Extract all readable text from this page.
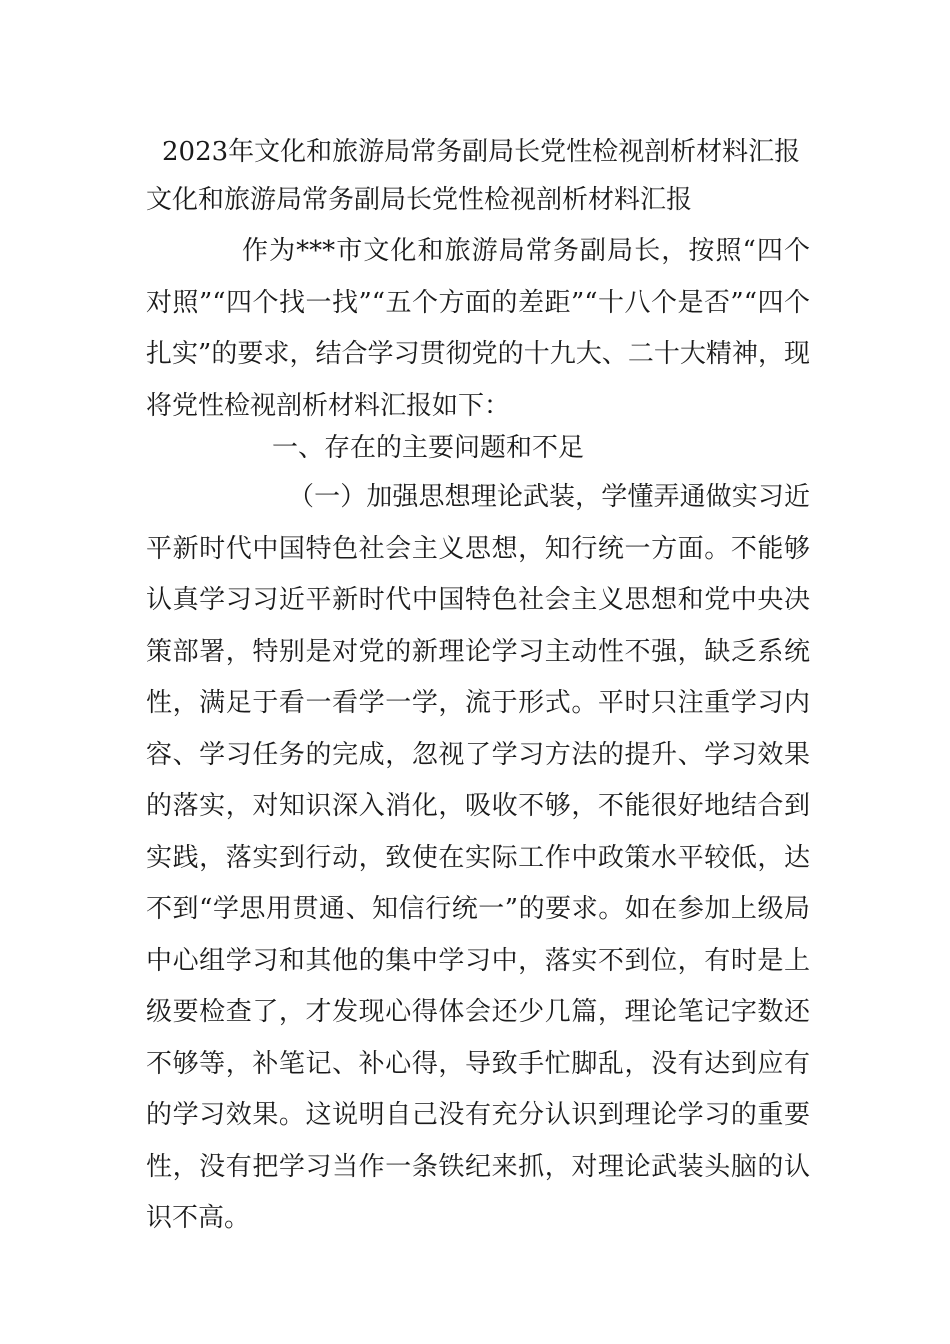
2023年文化和旅游局常务副局长党性检视剖析材料汇报
文化和旅游局常务副局长党性检视剖析材料汇报
作为***市文化和旅游局常务副局长，按照“四个对照”“四个找一找”“五个方面的差距”“十八个是否”“四个扎实”的要求，结合学习贯彻党的十九大、二十大精神，现将党性检视剖析材料汇报如下：
一、存在的主要问题和不足
（一）加强思想理论武装，学懂弄通做实习近平新时代中国特色社会主义思想，知行统一方面。不能够认真学习习近平新时代中国特色社会主义思想和党中央决策部署，特别是对党的新理论学习主动性不强，缺乏系统性，满足于看一看学一学，流于形式。平时只注重学习内容、学习任务的完成，忽视了学习方法的提升、学习效果的落实，对知识深入消化，吸收不够，不能很好地结合到实践，落实到行动，致使在实际工作中政策水平较低，达不到“学思用贯通、知信行统一”的要求。如在参加上级局中心组学习和其他的集中学习中，落实不到位，有时是上级要检查了，才发现心得体会还少几篇，理论笔记字数还不够等，补笔记、补心得，导致手忙脚乱，没有达到应有的学习效果。这说明自己没有充分认识到理论学习的重要性，没有把学习当作一条铁纪来抓，对理论武装头脑的认识不高。
